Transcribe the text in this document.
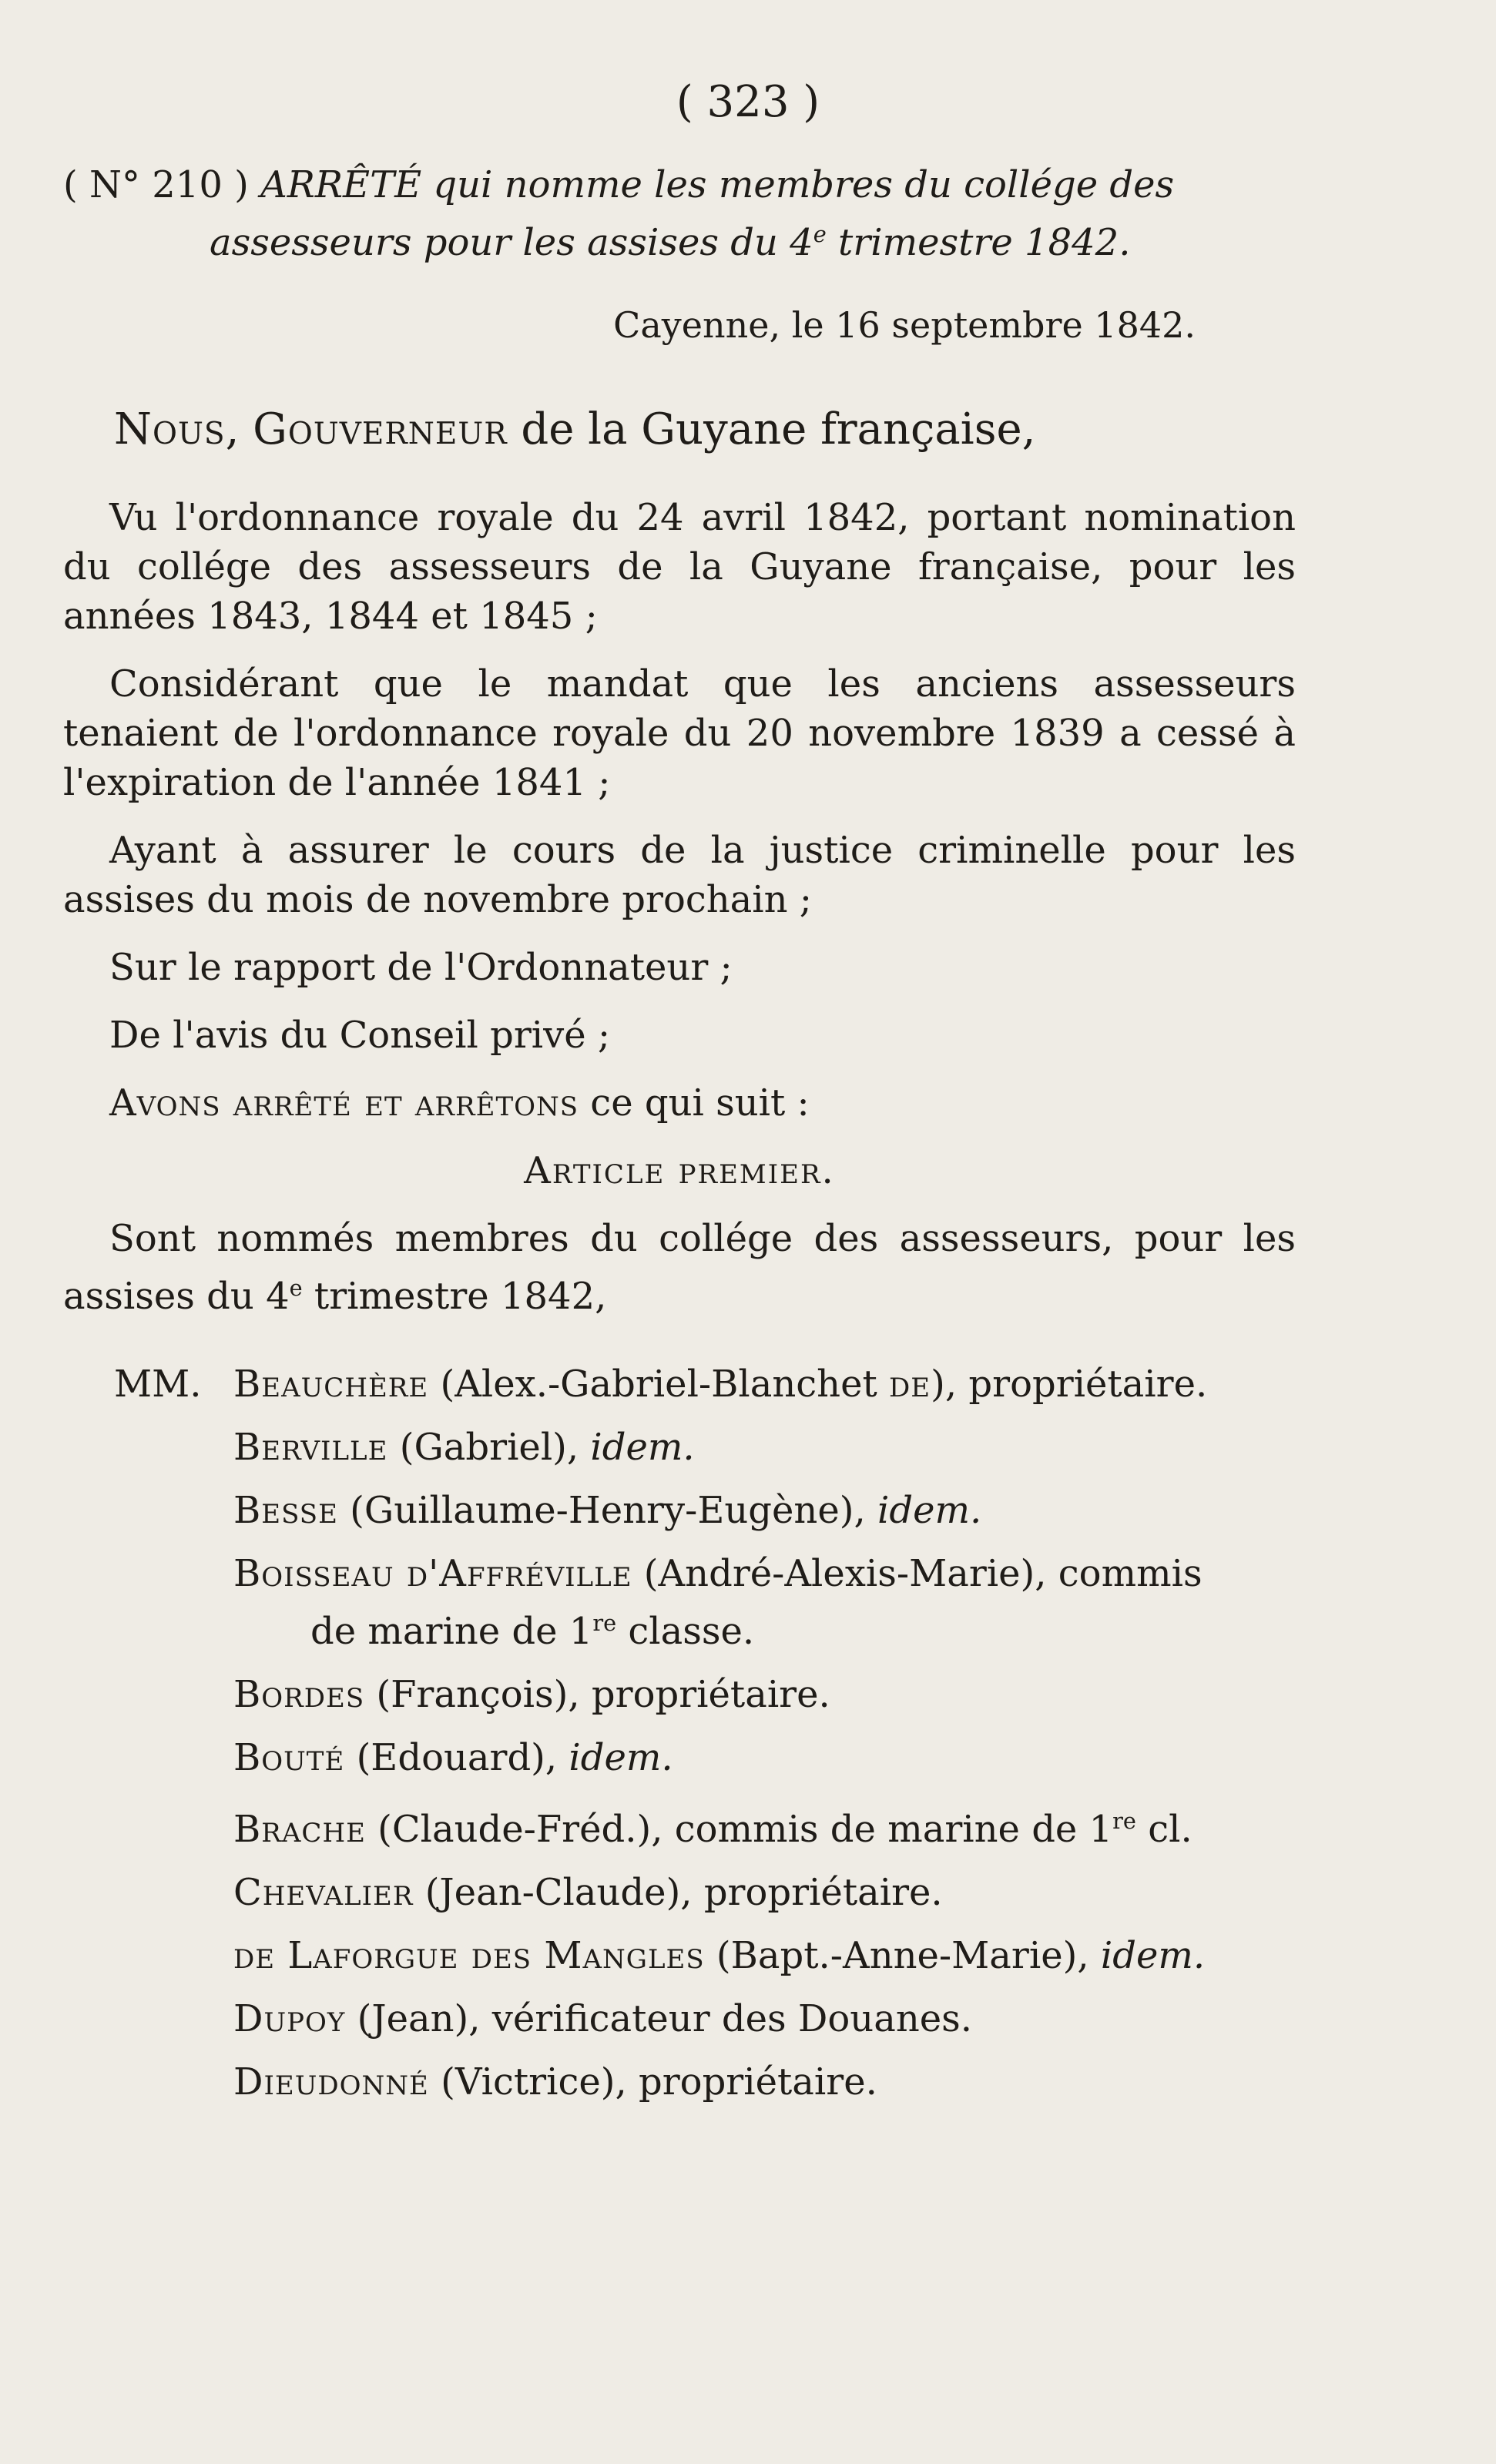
( 323 )
( N° 210 ) ARRÊTÉ qui nomme les membres du collége des
assesseurs pour les assises du 4e trimestre 1842.
Cayenne, le 16 septembre 1842.
Nous, Gouverneur de la Guyane française,

Vu l'ordonnance royale du 24 avril 1842, portant nomination du collége des assesseurs de la Guyane française, pour les années 1843, 1844 et 1845 ;

Considérant que le mandat que les anciens assesseurs tenaient de l'ordonnance royale du 20 novembre 1839 a cessé à l'expiration de l'année 1841 ;

Ayant à assurer le cours de la justice criminelle pour les assises du mois de novembre prochain ;

Sur le rapport de l'Ordonnateur ;

De l'avis du Conseil privé ;

Avons arrêté et arrêtons ce qui suit :

Article premier.

Sont nommés membres du collége des assesseurs, pour les assises du 4e trimestre 1842,

MM. Beauchère (Alex.-Gabriel-Blanchet de), propriétaire.
Berville (Gabriel), idem.
Besse (Guillaume-Henry-Eugène), idem.
Boisseau d'Affréville (André-Alexis-Marie), commis
de marine de 1re classe.
Bordes (François), propriétaire.
Bouté (Edouard), idem.
Brache (Claude-Fréd.), commis de marine de 1re cl.
Chevalier (Jean-Claude), propriétaire.
de Laforgue des Mangles (Bapt.-Anne-Marie), idem.
Dupoy (Jean), vérificateur des Douanes.
Dieudonné (Victrice), propriétaire.
